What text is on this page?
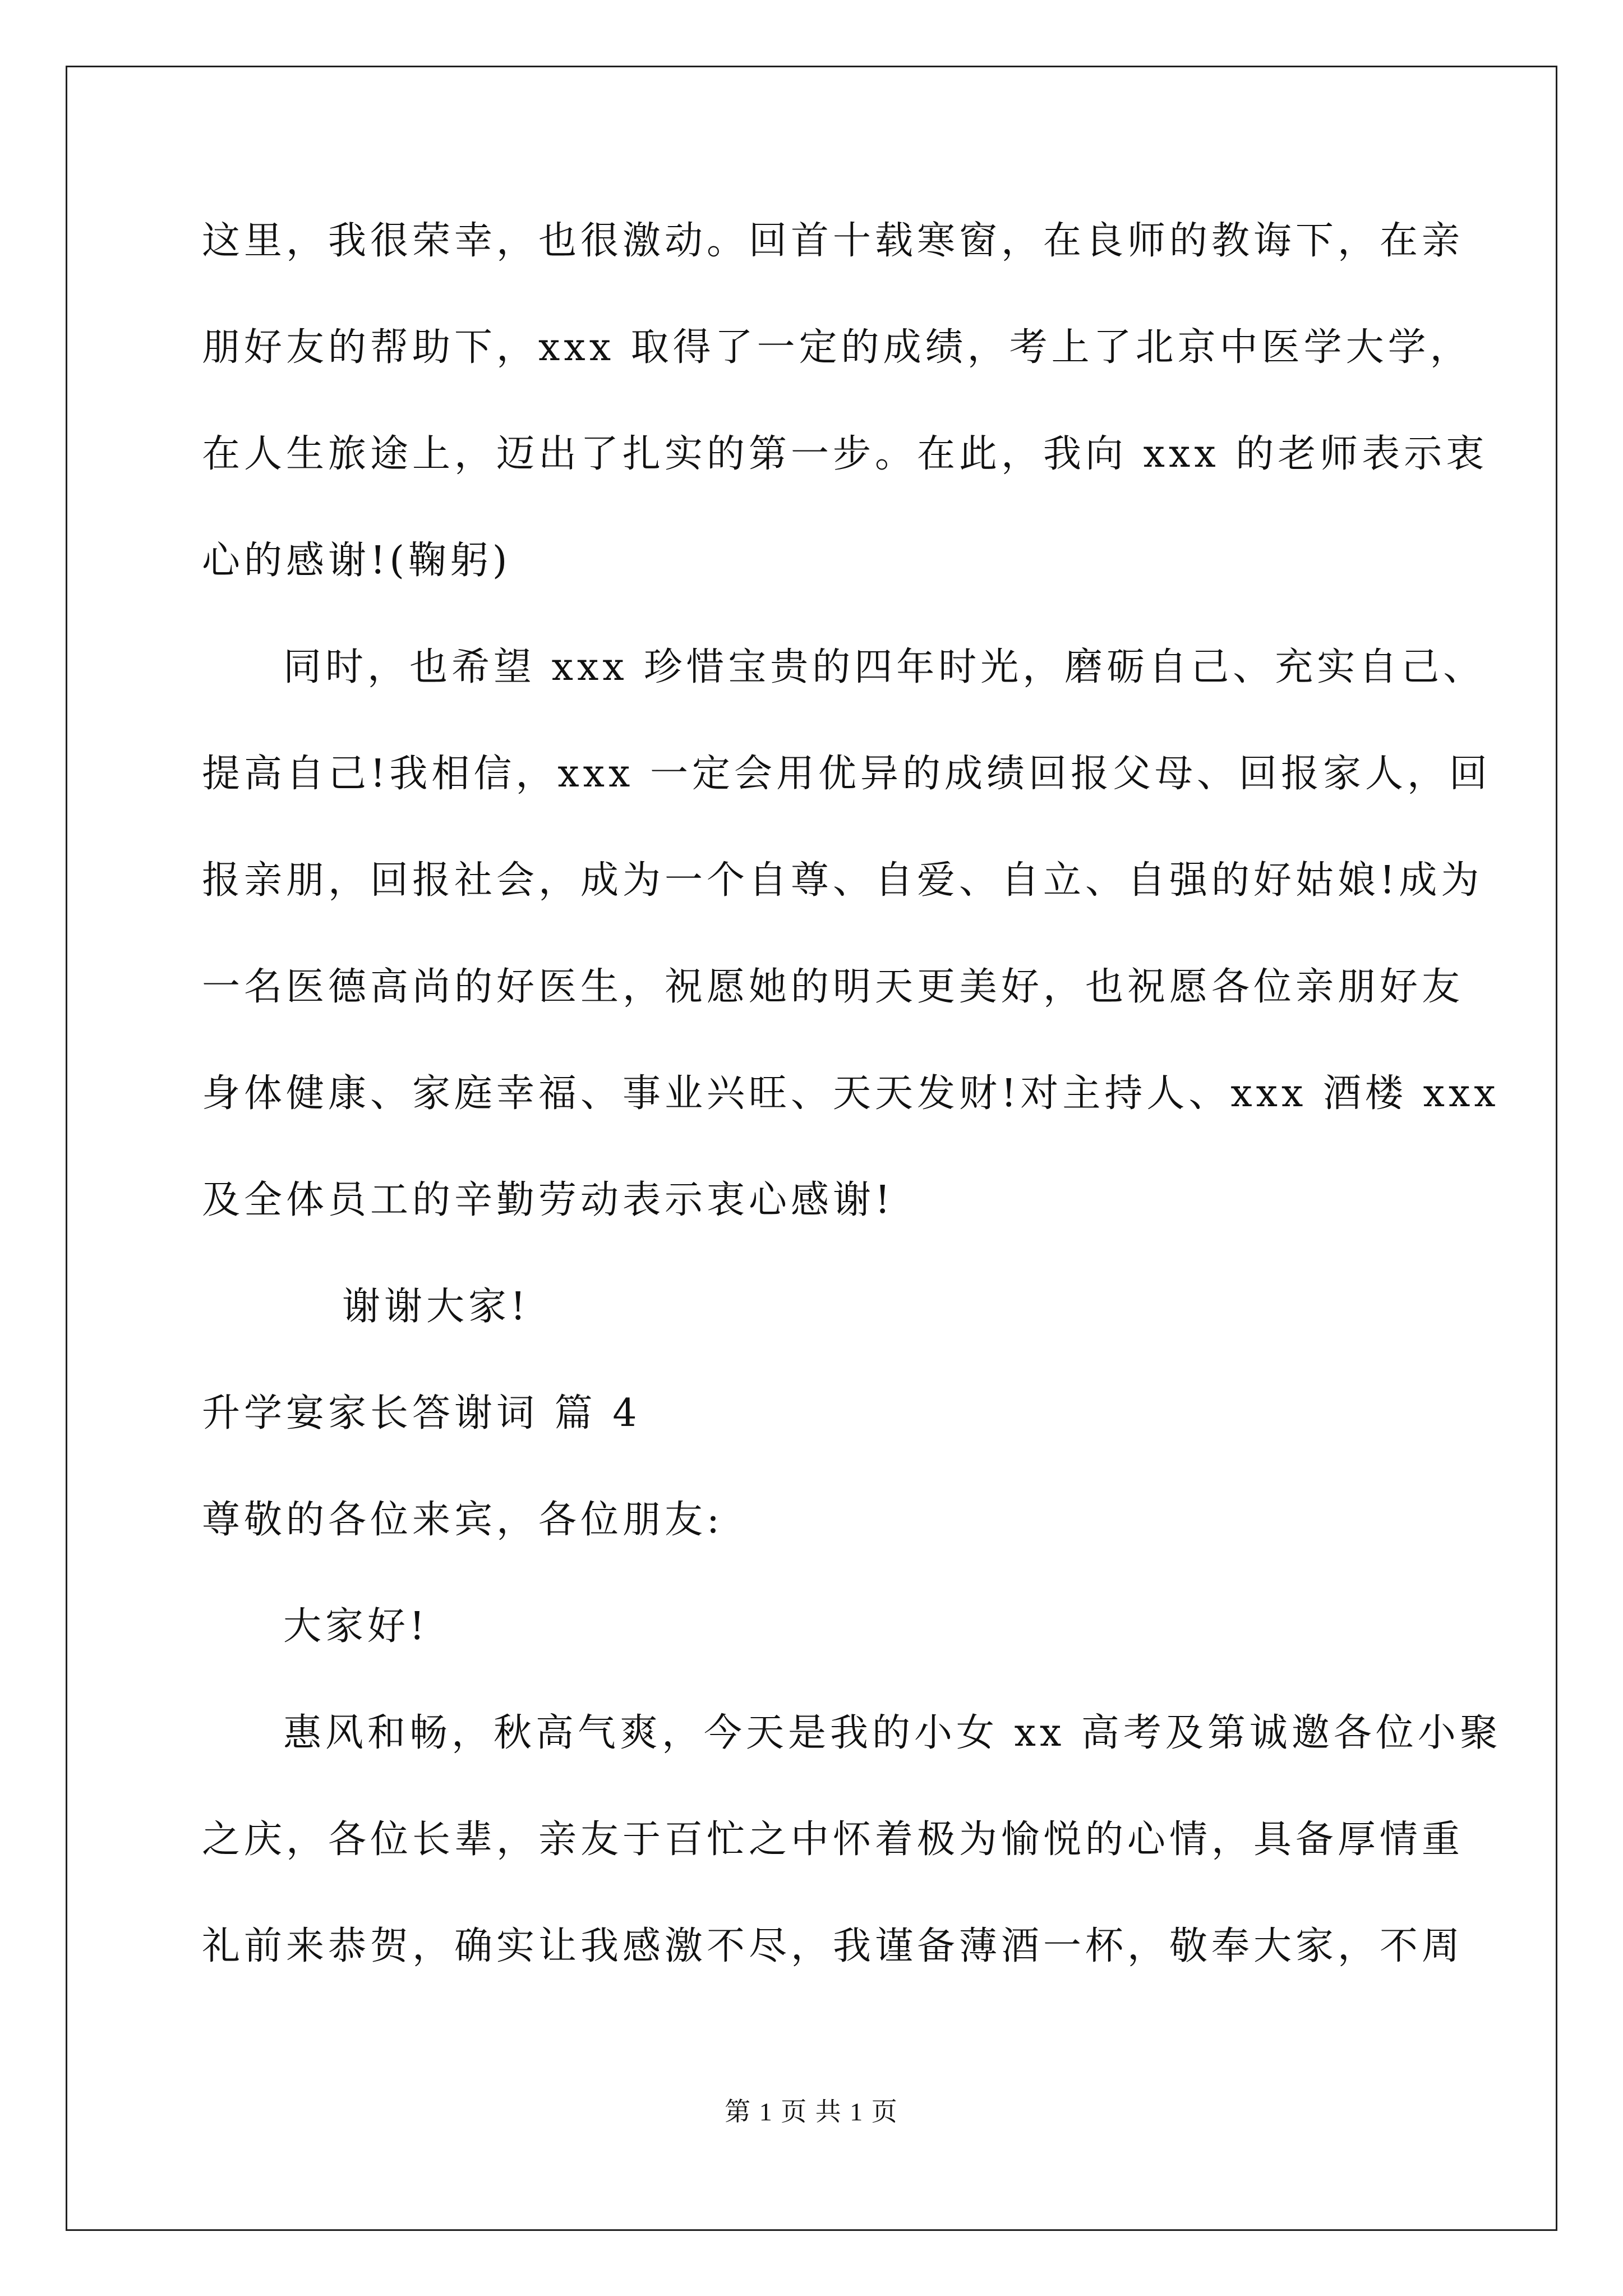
这里，我很荣幸，也很激动。回首十载寒窗，在良师的教诲下，在亲
朋好友的帮助下，xxx 取得了一定的成绩，考上了北京中医学大学，
在人生旅途上，迈出了扎实的第一步。在此，我向 xxx 的老师表示衷
心的感谢!(鞠躬)
同时，也希望 xxx 珍惜宝贵的四年时光，磨砺自己、充实自己、
提高自己!我相信，xxx 一定会用优异的成绩回报父母、回报家人，回
报亲朋，回报社会，成为一个自尊、自爱、自立、自强的好姑娘!成为
一名医德高尚的好医生，祝愿她的明天更美好，也祝愿各位亲朋好友
身体健康、家庭幸福、事业兴旺、天天发财!对主持人、xxx 酒楼 xxx
及全体员工的辛勤劳动表示衷心感谢!
谢谢大家!
升学宴家长答谢词 篇 4
尊敬的各位来宾，各位朋友:
大家好!
惠风和畅，秋高气爽，今天是我的小女 xx 高考及第诚邀各位小聚
之庆，各位长辈，亲友于百忙之中怀着极为愉悦的心情，具备厚情重
礼前来恭贺，确实让我感激不尽，我谨备薄酒一杯，敬奉大家，不周
第 1 页 共 1 页
